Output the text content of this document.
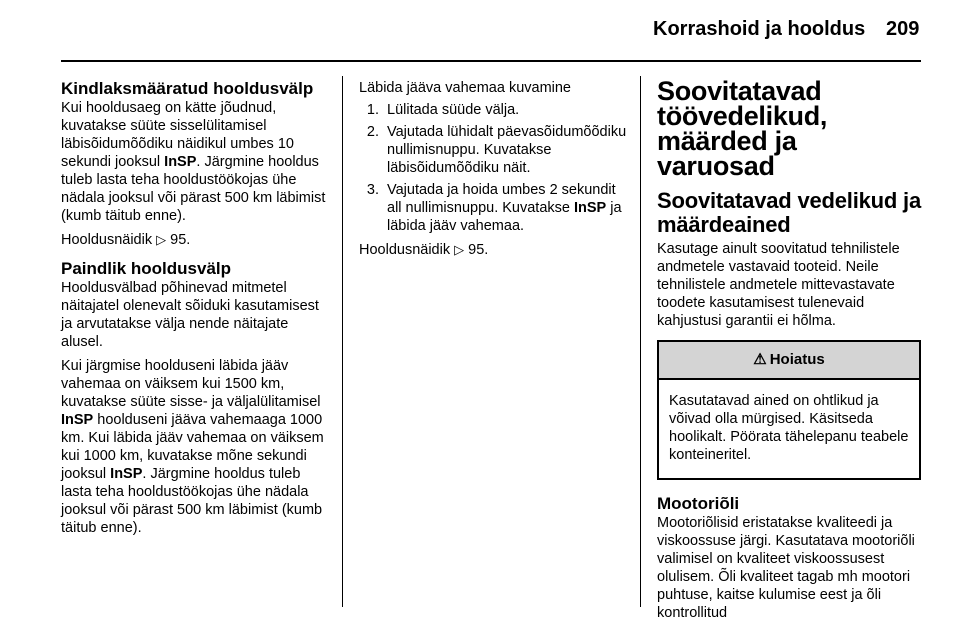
Korrashoid ja hooldus 209
Kindlaksmääratud hooldusvälp

Kui hooldusaeg on kätte jõudnud, kuvatakse süüte sisselülitamisel läbisõidumõõdiku näidikul umbes 10 sekundi jooksul InSP. Järgmine hooldus tuleb lasta teha hooldustöökojas ühe nädala jooksul või pärast 500 km läbimist (kumb täitub enne).

Hooldusnäidik ▷ 95.

Paindlik hooldusvälp

Hooldusvälbad põhinevad mitmetel näitajatel olenevalt sõiduki kasutamisest ja arvutatakse välja nende näitajate alusel.

Kui järgmise hoolduseni läbida jääv vahemaa on väiksem kui 1500 km, kuvatakse süüte sisse- ja väljalülitamisel InSP hoolduseni jääva vahemaaga 1000 km. Kui läbida jääv vahemaa on väiksem kui 1000 km, kuvatakse mõne sekundi jooksul InSP. Järgmine hooldus tuleb lasta teha hooldustöökojas ühe nädala jooksul või pärast 500 km läbimist (kumb täitub enne).

Läbida jääva vahemaa kuvamine

1. Lülitada süüde välja.
2. Vajutada lühidalt päevasõidumõõdiku nullimisnuppu. Kuvatakse läbisõidumõõdiku näit.
3. Vajutada ja hoida umbes 2 sekundit all nullimisnuppu. Kuvatakse InSP ja läbida jääv vahemaa.

Hooldusnäidik ▷ 95.

Soovitatavad töövedelikud, määrded ja varuosad
Soovitatavad vedelikud ja määrdeained

Kasutage ainult soovitatud tehnilistele andmetele vastavaid tooteid. Neile tehnilistele andmetele mittevastavate toodete kasutamisest tulenevaid kahjustusi garantii ei hõlma.

⚠ Hoiatus
Kasutatavad ained on ohtlikud ja võivad olla mürgised. Käsitseda hoolikalt. Pöörata tähelepanu teabele konteineritel.
Mootoriõli

Mootoriõlisid eristatakse kvaliteedi ja viskoossuse järgi. Kasutatava mootoriõli valimisel on kvaliteet viskoossusest olulisem. Õli kvaliteet tagab mh mootori puhtuse, kaitse kulumise eest ja õli kontrollitud
